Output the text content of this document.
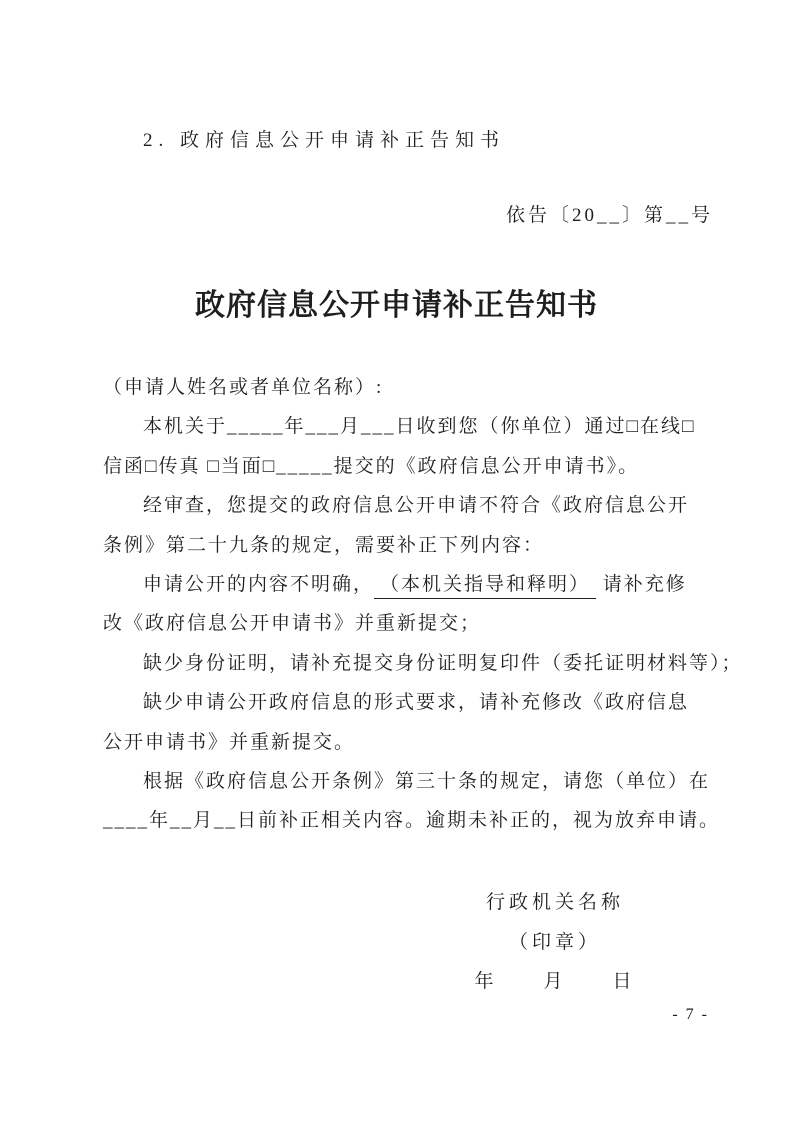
2. 政府信息公开申请补正告知书
依告〔20__〕第__号
政府信息公开申请补正告知书
（申请人姓名或者单位名称）:
本机关于_____年___月___日收到您（你单位）通过□在线□
信函□传真 □当面□_____提交的《政府信息公开申请书》。
经审查，您提交的政府信息公开申请不符合《政府信息公开
条例》第二十九条的规定，需要补正下列内容：
申请公开的内容不明确， （本机关指导和释明） 请补充修
改《政府信息公开申请书》并重新提交；
缺少身份证明，请补充提交身份证明复印件（委托证明材料等）；
缺少申请公开政府信息的形式要求，请补充修改《政府信息
公开申请书》并重新提交。
根据《政府信息公开条例》第三十条的规定，请您（单位）在
____年__月__日前补正相关内容。逾期未补正的，视为放弃申请。
行政机关名称
（印章）
年　　月　　日
- 7 -
